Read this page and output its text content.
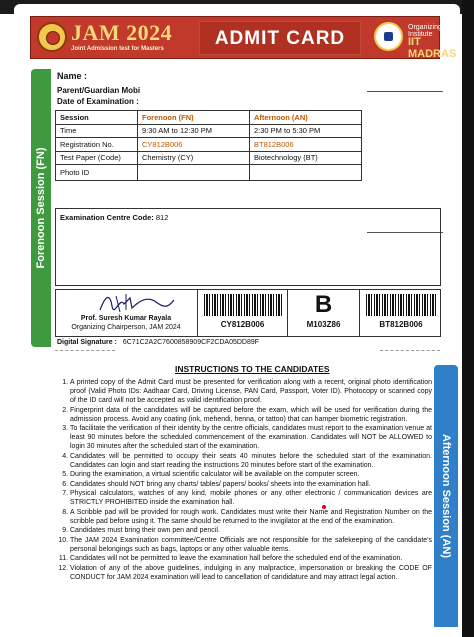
JAM 2024
Joint Admission test for Masters	ADMIT CARD
Organizing Institute
IIT MADRAS
Forenoon Session (FN)
Afternoon Session (AN)
Name :
Parent/Guardian Mobi
Date of Examination :
Session	Forenoon (FN)	Afternoon (AN)
Time	9:30 AM to 12:30 PM	2:30 PM to 5:30 PM
Registration No.	CY812B006	BT812B006
Test Paper (Code)	Chemistry (CY)	Biotechnology (BT)
Photo ID		
Examination Centre Code: 812
Prof. Suresh Kumar Rayala
Organizing Chairperson, JAM 2024	CY812B006
B
M103Z86	BT812B006
Digital Signature : 6C71C2A2C7600858909CF2CDA05DD89F
INSTRUCTIONS TO THE CANDIDATES
1. A printed copy of the Admit Card must be presented for verification along with a recent, original photo identification proof (Valid Photo IDs: Aadhaar Card, Driving License, PAN Card, Passport, Voter ID). Photocopy or scanned copy of the ID card will not be accepted as valid identification proof.
2. Fingerprint data of the candidates will be captured before the exam, which will be used for verification during the admission process. Avoid any coating (ink, mehendi, henna, or tattoo) that can hamper biometric registration.
3. To facilitate the verification of their identity by the centre officials, candidates must report to the examination venue at least 90 minutes before the scheduled commencement of the examination. Candidates will NOT be ALLOWED to login 30 minutes after the scheduled start of the examination.
4. Candidates will be permitted to occupy their seats 40 minutes before the scheduled start of the examination. Candidates can login and start reading the instructions 20 minutes before start of the examination.
5. During the examination, a virtual scientific calculator will be available on the computer screen.
6. Candidates should NOT bring any charts/ tables/ papers/ books/ sheets into the examination hall.
7. Physical calculators, watches of any kind, mobile phones or any other electronic / communication devices are STRICTLY PROHIBITED inside the examination hall.
8. A Scribble pad will be provided for rough work. Candidates must write their Name and Registration Number on the scribble pad before using it. The same should be returned to the invigilator at the end of the examination.
9. Candidates must bring their own pen and pencil.
10. The JAM 2024 Examination committee/Centre Officials are not responsible for the safekeeping of the candidate's personal belongings such as bags, laptops or any other valuable items.
11. Candidates will not be permitted to leave the examination hall before the scheduled end of the examination.
12. Violation of any of the above guidelines, indulging in any malpractice, impersonation or breaking the CODE OF CONDUCT for JAM 2024 examination will lead to cancellation of candidature and may attract legal action.
